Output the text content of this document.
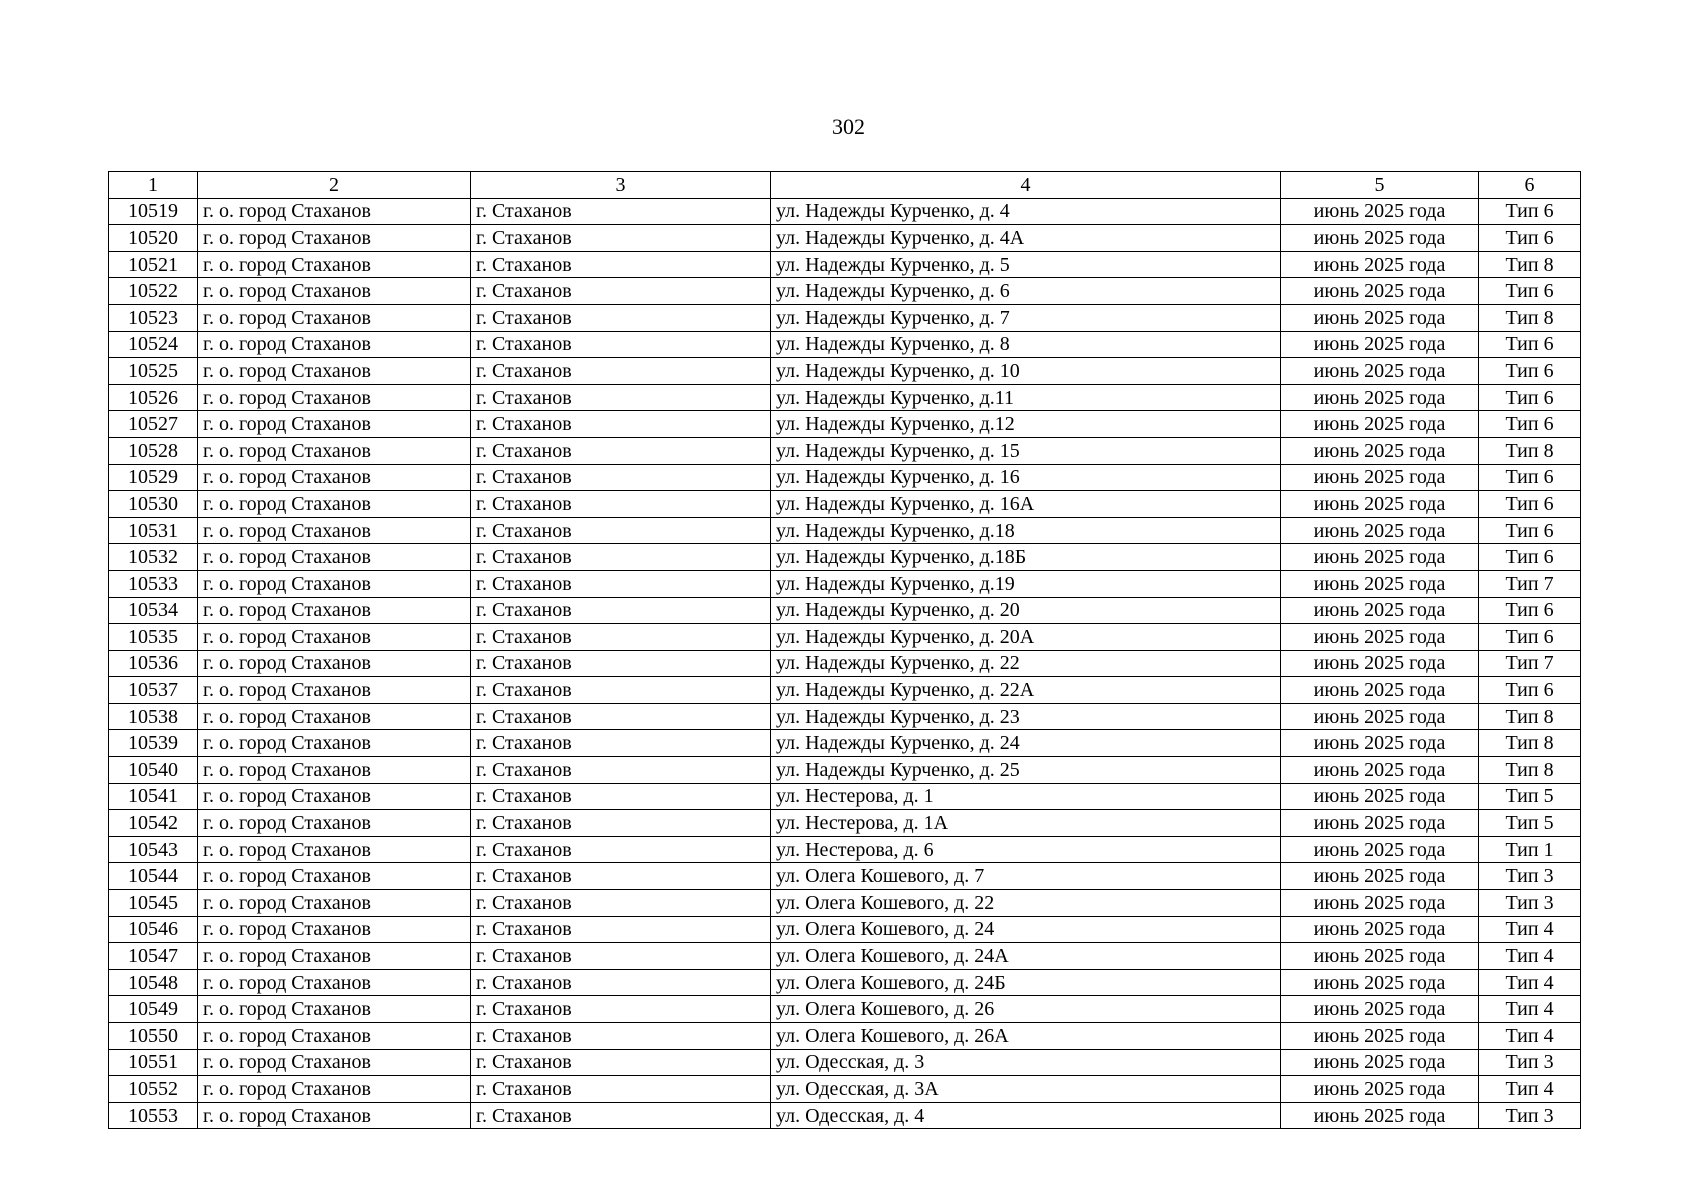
302
1	2	3	4	5	6
10519	г. о. город Стаханов	г. Стаханов	ул. Надежды Курченко, д. 4	июнь 2025 года	Тип 6
10520	г. о. город Стаханов	г. Стаханов	ул. Надежды Курченко, д. 4А	июнь 2025 года	Тип 6
10521	г. о. город Стаханов	г. Стаханов	ул. Надежды Курченко, д. 5	июнь 2025 года	Тип 8
10522	г. о. город Стаханов	г. Стаханов	ул. Надежды Курченко, д. 6	июнь 2025 года	Тип 6
10523	г. о. город Стаханов	г. Стаханов	ул. Надежды Курченко, д. 7	июнь 2025 года	Тип 8
10524	г. о. город Стаханов	г. Стаханов	ул. Надежды Курченко, д. 8	июнь 2025 года	Тип 6
10525	г. о. город Стаханов	г. Стаханов	ул. Надежды Курченко, д. 10	июнь 2025 года	Тип 6
10526	г. о. город Стаханов	г. Стаханов	ул. Надежды Курченко, д.11	июнь 2025 года	Тип 6
10527	г. о. город Стаханов	г. Стаханов	ул. Надежды Курченко, д.12	июнь 2025 года	Тип 6
10528	г. о. город Стаханов	г. Стаханов	ул. Надежды Курченко, д. 15	июнь 2025 года	Тип 8
10529	г. о. город Стаханов	г. Стаханов	ул. Надежды Курченко, д. 16	июнь 2025 года	Тип 6
10530	г. о. город Стаханов	г. Стаханов	ул. Надежды Курченко, д. 16А	июнь 2025 года	Тип 6
10531	г. о. город Стаханов	г. Стаханов	ул. Надежды Курченко, д.18	июнь 2025 года	Тип 6
10532	г. о. город Стаханов	г. Стаханов	ул. Надежды Курченко, д.18Б	июнь 2025 года	Тип 6
10533	г. о. город Стаханов	г. Стаханов	ул. Надежды Курченко, д.19	июнь 2025 года	Тип 7
10534	г. о. город Стаханов	г. Стаханов	ул. Надежды Курченко, д. 20	июнь 2025 года	Тип 6
10535	г. о. город Стаханов	г. Стаханов	ул. Надежды Курченко, д. 20А	июнь 2025 года	Тип 6
10536	г. о. город Стаханов	г. Стаханов	ул. Надежды Курченко, д. 22	июнь 2025 года	Тип 7
10537	г. о. город Стаханов	г. Стаханов	ул. Надежды Курченко, д. 22А	июнь 2025 года	Тип 6
10538	г. о. город Стаханов	г. Стаханов	ул. Надежды Курченко, д. 23	июнь 2025 года	Тип 8
10539	г. о. город Стаханов	г. Стаханов	ул. Надежды Курченко, д. 24	июнь 2025 года	Тип 8
10540	г. о. город Стаханов	г. Стаханов	ул. Надежды Курченко, д. 25	июнь 2025 года	Тип 8
10541	г. о. город Стаханов	г. Стаханов	ул. Нестерова, д. 1	июнь 2025 года	Тип 5
10542	г. о. город Стаханов	г. Стаханов	ул. Нестерова, д. 1А	июнь 2025 года	Тип 5
10543	г. о. город Стаханов	г. Стаханов	ул. Нестерова, д. 6	июнь 2025 года	Тип 1
10544	г. о. город Стаханов	г. Стаханов	ул. Олега Кошевого, д. 7	июнь 2025 года	Тип 3
10545	г. о. город Стаханов	г. Стаханов	ул. Олега Кошевого, д. 22	июнь 2025 года	Тип 3
10546	г. о. город Стаханов	г. Стаханов	ул. Олега Кошевого, д. 24	июнь 2025 года	Тип 4
10547	г. о. город Стаханов	г. Стаханов	ул. Олега Кошевого, д. 24А	июнь 2025 года	Тип 4
10548	г. о. город Стаханов	г. Стаханов	ул. Олега Кошевого, д. 24Б	июнь 2025 года	Тип 4
10549	г. о. город Стаханов	г. Стаханов	ул. Олега Кошевого, д. 26	июнь 2025 года	Тип 4
10550	г. о. город Стаханов	г. Стаханов	ул. Олега Кошевого, д. 26А	июнь 2025 года	Тип 4
10551	г. о. город Стаханов	г. Стаханов	ул. Одесская, д. 3	июнь 2025 года	Тип 3
10552	г. о. город Стаханов	г. Стаханов	ул. Одесская, д. 3А	июнь 2025 года	Тип 4
10553	г. о. город Стаханов	г. Стаханов	ул. Одесская, д. 4	июнь 2025 года	Тип 3
